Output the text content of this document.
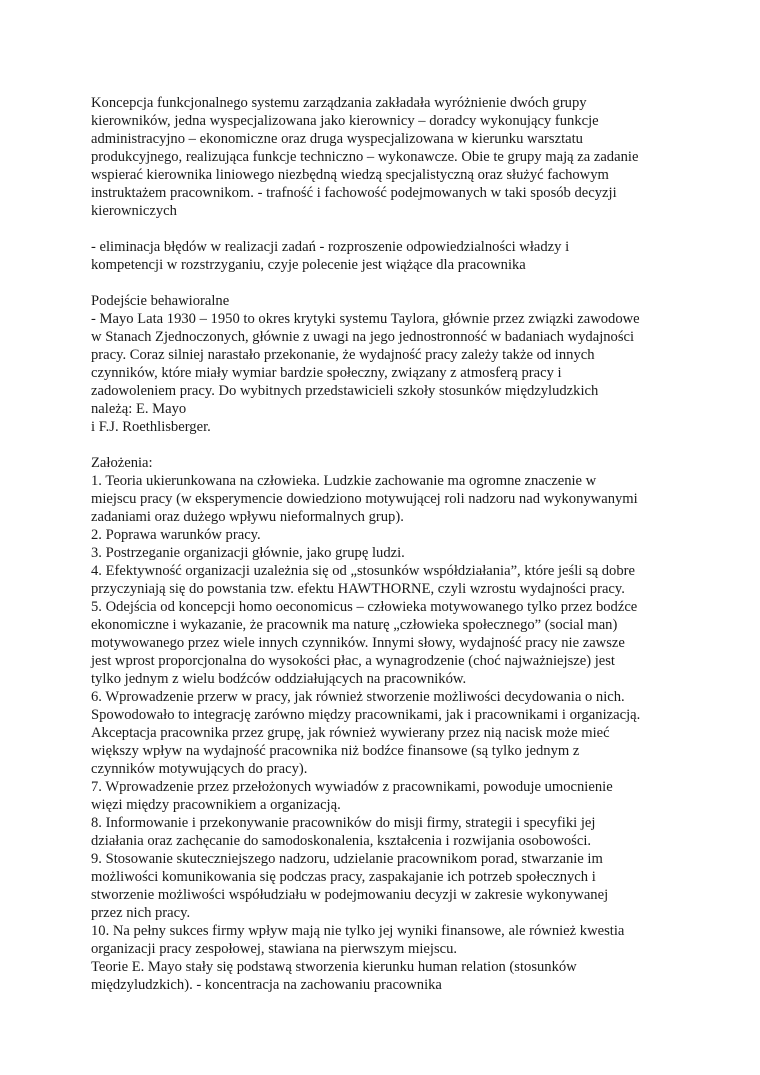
Koncepcja funkcjonalnego systemu zarządzania zakładała wyróżnienie dwóch grupy
kierowników, jedna wyspecjalizowana jako kierownicy – doradcy wykonujący funkcje
administracyjno – ekonomiczne oraz druga wyspecjalizowana w kierunku warsztatu
produkcyjnego, realizująca funkcje techniczno – wykonawcze. Obie te grupy mają za zadanie
wspierać kierownika liniowego niezbędną wiedzą specjalistyczną oraz służyć fachowym
instruktażem pracownikom. - trafność i fachowość podejmowanych w taki sposób decyzji
kierowniczych

- eliminacja błędów w realizacji zadań - rozproszenie odpowiedzialności władzy i
kompetencji w rozstrzyganiu, czyje polecenie jest wiążące dla pracownika

Podejście behawioralne

- Mayo Lata 1930 – 1950 to okres krytyki systemu Taylora, głównie przez związki zawodowe
w Stanach Zjednoczonych, głównie z uwagi na jego jednostronność w badaniach wydajności
pracy. Coraz silniej narastało przekonanie, że wydajność pracy zależy także od innych
czynników, które miały wymiar bardzie społeczny, związany z atmosferą pracy i
zadowoleniem pracy. Do wybitnych przedstawicieli szkoły stosunków międzyludzkich
należą: E. Mayo
i F.J. Roethlisberger.

Założenia:

1. Teoria ukierunkowana na człowieka. Ludzkie zachowanie ma ogromne znaczenie w
miejscu pracy (w eksperymencie dowiedziono motywującej roli nadzoru nad wykonywanymi
zadaniami oraz dużego wpływu nieformalnych grup).
2. Poprawa warunków pracy.
3. Postrzeganie organizacji głównie, jako grupę ludzi.
4. Efektywność organizacji uzależnia się od „stosunków współdziałania”, które jeśli są dobre
przyczyniają się do powstania tzw. efektu HAWTHORNE, czyli wzrostu wydajności pracy.
5. Odejścia od koncepcji homo oeconomicus – człowieka motywowanego tylko przez bodźce
ekonomiczne i wykazanie, że pracownik ma naturę „człowieka społecznego” (social man)
motywowanego przez wiele innych czynników. Innymi słowy, wydajność pracy nie zawsze
jest wprost proporcjonalna do wysokości płac, a wynagrodzenie (choć najważniejsze) jest
tylko jednym z wielu bodźców oddziałujących na pracowników.
6. Wprowadzenie przerw w pracy, jak również stworzenie możliwości decydowania o nich.
Spowodowało to integrację zarówno między pracownikami, jak i pracownikami i organizacją.
Akceptacja pracownika przez grupę, jak również wywierany przez nią nacisk może mieć
większy wpływ na wydajność pracownika niż bodźce finansowe (są tylko jednym z
czynników motywujących do pracy).
7. Wprowadzenie przez przełożonych wywiadów z pracownikami, powoduje umocnienie
więzi między pracownikiem a organizacją.
8. Informowanie i przekonywanie pracowników do misji firmy, strategii i specyfiki jej
działania oraz zachęcanie do samodoskonalenia, kształcenia i rozwijania osobowości.
9. Stosowanie skuteczniejszego nadzoru, udzielanie pracownikom porad, stwarzanie im
możliwości komunikowania się podczas pracy, zaspakajanie ich potrzeb społecznych i
stworzenie możliwości współudziału w podejmowaniu decyzji w zakresie wykonywanej
przez nich pracy.
10. Na pełny sukces firmy wpływ mają nie tylko jej wyniki finansowe, ale również kwestia
organizacji pracy zespołowej, stawiana na pierwszym miejscu.
Teorie E. Mayo stały się podstawą stworzenia kierunku human relation (stosunków
międzyludzkich). - koncentracja na zachowaniu pracownika
